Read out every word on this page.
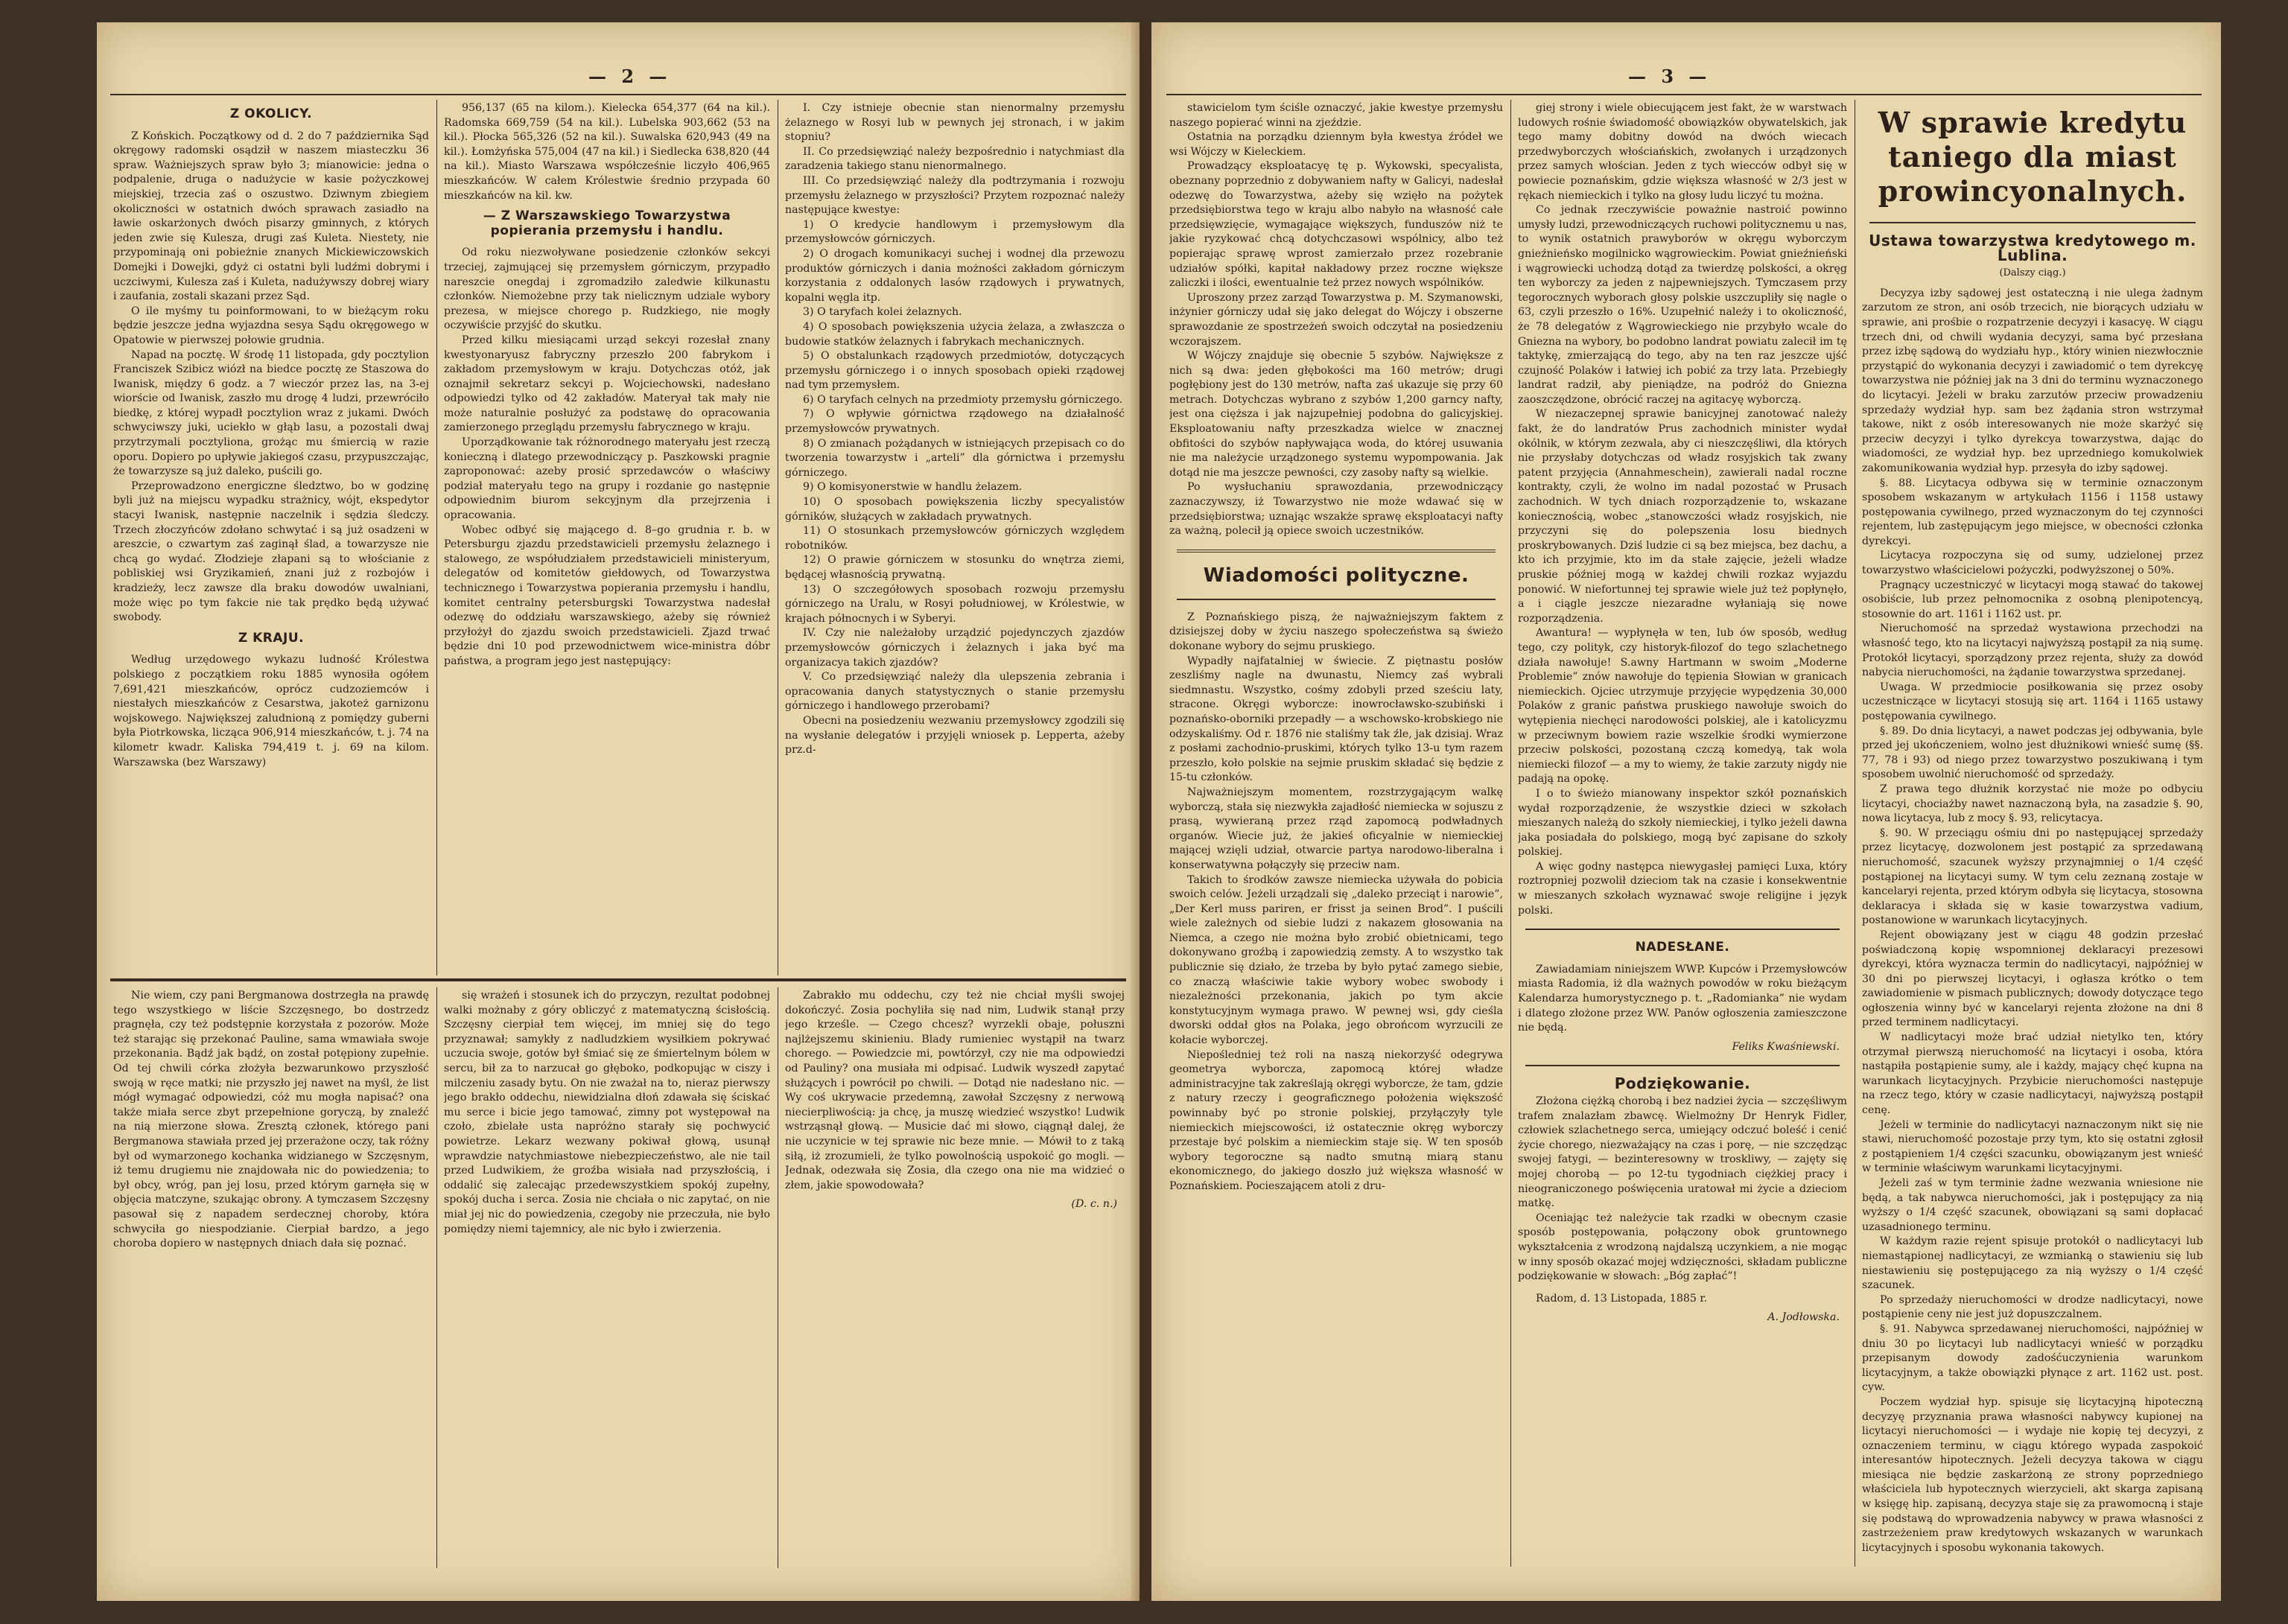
— 2 —
Z OKOLICY.

Z Końskich. Początkowy od d. 2 do 7 października Sąd okręgowy radomski osądził w naszem miasteczku 36 spraw. Ważniejszych spraw było 3; mianowicie: jedna o podpalenie, druga o nadużycie w kasie pożyczkowej miejskiej, trzecia zaś o oszustwo. Dziwnym zbiegiem okoliczności w ostatnich dwóch sprawach zasiadło na ławie oskarżonych dwóch pisarzy gminnych, z których jeden zwie się Kulesza, drugi zaś Kuleta. Niestety, nie przypominają oni pobieżnie znanych Mickiewiczowskich Domejki i Dowejki, gdyż ci ostatni byli ludźmi dobrymi i uczciwymi, Kulesza zaś i Kuleta, nadużywszy dobrej wiary i zaufania, zostali skazani przez Sąd.

O ile myśmy tu poinformowani, to w bieżącym roku będzie jeszcze jedna wyjazdna sesya Sądu okręgowego w Opatowie w pierwszej połowie grudnia.

Napad na pocztę. W środę 11 listopada, gdy pocztylion Franciszek Szibicz wiózł na biedce pocztę ze Staszowa do Iwanisk, między 6 godz. a 7 wieczór przez las, na 3-ej wiorście od Iwanisk, zaszło mu drogę 4 ludzi, przewróciło biedkę, z której wypadł pocztylion wraz z jukami. Dwóch schwyciwszy juki, uciekło w głąb lasu, a pozostali dwaj przytrzymali pocztyliona, grożąc mu śmiercią w razie oporu. Dopiero po upływie jakiegoś czasu, przypuszczając, że towarzysze są już daleko, puścili go.

Przeprowadzono energiczne śledztwo, bo w godzinę byli już na miejscu wypadku strażnicy, wójt, ekspedytor stacyi Iwanisk, następnie naczelnik i sędzia śledczy. Trzech złoczyńców zdołano schwytać i są już osadzeni w areszcie, o czwartym zaś zaginął ślad, a towarzysze nie chcą go wydać. Złodzieje złapani są to włościanie z pobliskiej wsi Gryzikamień, znani już z rozbojów i kradzieży, lecz zawsze dla braku dowodów uwalniani, może więc po tym fakcie nie tak prędko będą używać swobody.

Z KRAJU.

Według urzędowego wykazu ludność Królestwa polskiego z początkiem roku 1885 wynosiła ogółem 7,691,421 mieszkańców, oprócz cudzoziemców i niestałych mieszkańców z Cesarstwa, jakoteż garnizonu wojskowego. Największej zaludnioną z pomiędzy guberni była Piotrkowska, licząca 906,914 mieszkańców, t. j. 74 na kilometr kwadr. Kaliska 794,419 t. j. 69 na kilom. Warszawska (bez Warszawy)

956,137 (65 na kilom.). Kielecka 654,377 (64 na kil.). Radomska 669,759 (54 na kil.). Lubelska 903,662 (53 na kil.). Płocka 565,326 (52 na kil.). Suwalska 620,943 (49 na kil.). Łomżyńska 575,004 (47 na kil.) i Siedlecka 638,820 (44 na kil.). Miasto Warszawa współcześnie liczyło 406,965 mieszkańców. W całem Królestwie średnio przypada 60 mieszkańców na kil. kw.

— Z Warszawskiego Towarzystwa popierania przemysłu i handlu.

Od roku niezwoływane posiedzenie członków sekcyi trzeciej, zajmującej się przemysłem górniczym, przypadło nareszcie onegdaj i zgromadziło zaledwie kilkunastu członków. Niemożebne przy tak nielicznym udziale wybory prezesa, w miejsce chorego p. Rudzkiego, nie mogły oczywiście przyjść do skutku.

Przed kilku miesiącami urząd sekcyi rozesłał znany kwestyonaryusz fabryczny przeszło 200 fabrykom i zakładom przemysłowym w kraju. Dotychczas otóż, jak oznajmił sekretarz sekcyi p. Wojciechowski, nadesłano odpowiedzi tylko od 42 zakładów. Materyał tak mały nie może naturalnie posłużyć za podstawę do opracowania zamierzonego przeglądu przemysłu fabrycznego w kraju.

Uporządkowanie tak różnorodnego materyału jest rzeczą konieczną i dlatego przewodniczący p. Paszkowski pragnie zaproponować: azeby prosić sprzedawców o właściwy podział materyału tego na grupy i rozdanie go następnie odpowiednim biurom sekcyjnym dla przejrzenia i opracowania.

Wobec odbyć się mającego d. 8–go grudnia r. b. w Petersburgu zjazdu przedstawicieli przemysłu żelaznego i stalowego, ze współudziałem przedstawicieli ministeryum, delegatów od komitetów giełdowych, od Towarzystwa technicznego i Towarzystwa popierania przemysłu i handlu, komitet centralny petersburgski Towarzystwa nadesłał odezwę do oddziału warszawskiego, ażeby się również przyłożył do zjazdu swoich przedstawicieli. Zjazd trwać będzie dni 10 pod przewodnictwem wice-ministra dóbr państwa, a program jego jest następujący:

I. Czy istnieje obecnie stan nienormalny przemysłu żelaznego w Rosyi lub w pewnych jej stronach, i w jakim stopniu?

II. Co przedsięwziąć należy bezpośrednio i natychmiast dla zaradzenia takiego stanu nienormalnego.

III. Co przedsięwziąć należy dla podtrzymania i rozwoju przemysłu żelaznego w przyszłości? Przytem rozpoznać należy następujące kwestye:

1) O kredycie handlowym i przemysłowym dla przemysłowców górniczych.

2) O drogach komunikacyi suchej i wodnej dla przewozu produktów górniczych i dania możności zakładom górniczym korzystania z oddalonych lasów rządowych i prywatnych, kopalni węgla itp.

3) O taryfach kolei żelaznych.

4) O sposobach powiększenia użycia żelaza, a zwłaszcza o budowie statków żelaznych i fabrykach mechanicznych.

5) O obstalunkach rządowych przedmiotów, dotyczących przemysłu górniczego i o innych sposobach opieki rządowej nad tym przemysłem.

6) O taryfach celnych na przedmioty przemysłu górniczego.

7) O wpływie górnictwa rządowego na działalność przemysłowców prywatnych.

8) O zmianach pożądanych w istniejących przepisach co do tworzenia towarzystw i „arteli” dla górnictwa i przemysłu górniczego.

9) O komisyonerstwie w handlu żelazem.

10) O sposobach powiększenia liczby specyalistów górników, służących w zakładach prywatnych.

11) O stosunkach przemysłowców górniczych względem robotników.

12) O prawie górniczem w stosunku do wnętrza ziemi, będącej własnością prywatną.

13) O szczegółowych sposobach rozwoju przemysłu górniczego na Uralu, w Rosyi południowej, w Królestwie, w krajach północnych i w Syberyi.

IV. Czy nie należałoby urządzić pojedynczych zjazdów przemysłowców górniczych i żelaznych i jaka być ma organizacya takich zjazdów?

V. Co przedsięwziąć należy dla ulepszenia zebrania i opracowania danych statystycznych o stanie przemysłu górniczego i handlowego przerobami?

Obecni na posiedzeniu wezwaniu przemysłowcy zgodzili się na wysłanie delegatów i przyjęli wniosek p. Lepperta, ażeby prz.d-

Nie wiem, czy pani Bergmanowa dostrzegła na prawdę tego wszystkiego w liście Szczęsnego, bo dostrzedz pragnęła, czy też podstępnie korzystała z pozorów. Może też starając się przekonać Pauline, sama wmawiała swoje przekonania. Bądź jak bądź, on został potępiony zupełnie. Od tej chwili córka złożyła bezwarunkowo przyszłość swoją w ręce matki; nie przyszło jej nawet na myśl, że list mógł wymagać odpowiedzi, cóż mu mogła napisać? ona także miała serce zbyt przepełnione goryczą, by znaleźć na nią mierzone słowa. Zresztą członek, którego pani Bergmanowa stawiała przed jej przerażone oczy, tak różny był od wymarzonego kochanka widzianego w Szczęsnym, iż temu drugiemu nie znajdowała nic do powiedzenia; to był obcy, wróg, pan jej losu, przed którym garnęła się w objęcia matczyne, szukając obrony. A tymczasem Szczęsny pasował się z napadem serdecznej choroby, która schwyciła go niespodzianie. Cierpiał bardzo, a jego choroba dopiero w następnych dniach dała się poznać.

się wrażeń i stosunek ich do przyczyn, rezultat podobnej walki możnaby z góry obliczyć z matematyczną ścisłością. Szczęsny cierpiał tem więcej, im mniej się do tego przyznawał; samykły z nadludzkiem wysiłkiem pokrywać uczucia swoje, gotów był śmiać się ze śmiertelnym bólem w sercu, bił za to narzucał go głęboko, podkopując w ciszy i milczeniu zasady bytu. On nie zważał na to, nieraz pierwszy jego brakło oddechu, niewidzialna dłoń zdawała się ściskać mu serce i bicie jego tamować, zimny pot występował na czoło, zbielałe usta napróżno starały się pochwycić powietrze. Lekarz wezwany pokiwał głową, usunął wprawdzie natychmiastowe niebezpieczeństwo, ale nie tail przed Ludwikiem, że groźba wisiała nad przyszłością, i oddalić się zalecając przedewszystkiem spokój zupełny, spokój ducha i serca. Zosia nie chciała o nic zapytać, on nie miał jej nic do powiedzenia, czegoby nie przeczuła, nie było pomiędzy niemi tajemnicy, ale nic było i zwierzenia.

Zabrakło mu oddechu, czy też nie chciał myśli swojej dokończyć. Zosia pochyliła się nad nim, Ludwik stanął przy jego krześle. — Czego chcesz? wyrzekli obaje, połuszni najlżejszemu skinieniu. Blady rumieniec wystąpił na twarz chorego. — Powiedzcie mi, powtórzył, czy nie ma odpowiedzi od Pauliny? ona musiała mi odpisać. Ludwik wyszedł zapytać służących i powrócił po chwili. — Dotąd nie nadesłano nic. — Wy coś ukrywacie przedemną, zawołał Szczęsny z nerwową niecierpliwością: ja chcę, ja muszę wiedzieć wszystko! Ludwik wstrząsnął głową. — Musicie dać mi słowo, ciągnął dalej, że nie uczynicie w tej sprawie nic beze mnie. — Mówił to z taką siłą, iż zrozumieli, że tylko powolnością uspokoić go mogli. — Jednak, odezwała się Zosia, dla czego ona nie ma widzieć o złem, jakie spowodowała?

(D. c. n.)
— 3 —

stawicielom tym ściśle oznaczyć, jakie kwestye przemysłu naszego popierać winni na zjeździe.

Ostatnia na porządku dziennym była kwestya źródeł we wsi Wójczy w Kieleckiem.

Prowadzący eksploatacyę tę p. Wykowski, specyalista, obeznany poprzednio z dobywaniem nafty w Galicyi, nadesłał odezwę do Towarzystwa, ażeby się wzięło na pożytek przedsiębiorstwa tego w kraju albo nabyło na własność całe przedsięwzięcie, wymagające większych, funduszów niż te jakie ryzykować chcą dotychczasowi wspólnicy, albo też popierając sprawę wprost zamierzało przez rozebranie udziałów spółki, kapitał nakładowy przez roczne większe zaliczki i ilości, ewentualnie też przez nowych wspólników.

Uproszony przez zarząd Towarzystwa p. M. Szymanowski, inżynier górniczy udał się jako delegat do Wójczy i obszerne sprawozdanie ze spostrzeżeń swoich odczytał na posiedzeniu wczorajszem.

W Wójczy znajduje się obecnie 5 szybów. Największe z nich są dwa: jeden głębokości ma 160 metrów; drugi pogłębiony jest do 130 metrów, nafta zaś ukazuje się przy 60 metrach. Dotychczas wybrano z szybów 1,200 garncy nafty, jest ona cięższa i jak najzupełniej podobna do galicyjskiej. Eksploatowaniu nafty przeszkadza wielce w znacznej obfitości do szybów napływająca woda, do której usuwania nie ma należycie urządzonego systemu wypompowania. Jak dotąd nie ma jeszcze pewności, czy zasoby nafty są wielkie.

Po wysłuchaniu sprawozdania, przewodniczący zaznaczywszy, iż Towarzystwo nie może wdawać się w przedsiębiorstwa; uznając wszakże sprawę eksploatacyi nafty za ważną, polecił ją opiece swoich uczestników.

Wiadomości polityczne.

Z Poznańskiego piszą, że najważniejszym faktem z dzisiejszej doby w życiu naszego społeczeństwa są świeżo dokonane wybory do sejmu pruskiego.

Wypadły najfatalniej w świecie. Z piętnastu posłów zeszliśmy nagle na dwunastu, Niemcy zaś wybrali siedmnastu. Wszystko, cośmy zdobyli przed sześciu laty, stracone. Okręgi wyborcze: inowrocławsko-szubiński i poznańsko-oborniki przepadły — a wschowsko-krobskiego nie odzyskaliśmy. Od r. 1876 nie staliśmy tak źle, jak dzisiaj. Wraz z posłami zachodnio-pruskimi, których tylko 13-u tym razem przeszło, koło polskie na sejmie pruskim składać się będzie z 15-tu członków.

Najważniejszym momentem, rozstrzygającym walkę wyborczą, stała się niezwykła zajadłość niemiecka w sojuszu z prasą, wywieraną przez rząd zapomocą podwładnych organów. Wiecie już, że jakieś oficyalnie w niemieckiej mającej wzięli udział, otwarcie partya narodowo-liberalna i konserwatywna połączyły się przeciw nam.

Takich to środków zawsze niemiecka używała do pobicia swoich celów. Jeżeli urządzali się „daleko przeciąt i narowie”, „Der Kerl muss pariren, er frisst ja seinen Brod”. I puścili wiele zależnych od siebie ludzi z nakazem głosowania na Niemca, a czego nie można było zrobić obietnicami, tego dokonywano groźbą i zapowiedzią zemsty. A to wszystko tak publicznie się działo, że trzeba by było pytać zamego siebie, co znaczą właściwie takie wybory wobec swobody i niezależności przekonania, jakich po tym akcie konstytucyjnym wymaga prawo. W pewnej wsi, gdy cieśla dworski oddał głos na Polaka, jego obrońcom wyrzucili ze kołacie wyborczej.

Niepośledniej też roli na naszą niekorzyść odegrywa geometrya wyborcza, zapomocą której władze administracyjne tak zakreślają okręgi wyborcze, że tam, gdzie z natury rzeczy i geograficznego położenia większość powinnaby być po stronie polskiej, przyłączyły tyle niemieckich miejscowości, iż ostatecznie okręg wyborczy przestaje być polskim a niemieckim staje się. W ten sposób wybory tegoroczne są nadto smutną miarą stanu ekonomicznego, do jakiego doszło już większa własność w Poznańskiem. Pocieszającem atoli z dru-

giej strony i wiele obiecującem jest fakt, że w warstwach ludowych rośnie świadomość obowiązków obywatelskich, jak tego mamy dobitny dowód na dwóch wiecach przedwyborczych włościańskich, zwołanych i urządzonych przez samych włościan. Jeden z tych wiecców odbył się w powiecie poznańskim, gdzie większa własność w 2/3 jest w rękach niemieckich i tylko na głosy ludu liczyć tu można.

Co jednak rzeczywiście poważnie nastroić powinno umysły ludzi, przewodniczących ruchowi politycznemu u nas, to wynik ostatnich prawyborów w okręgu wyborczym gnieźnieńsko mogilnicko wągrowieckim. Powiat gnieźnieński i wągrowiecki uchodzą dotąd za twierdzę polskości, a okręg ten wyborczy za jeden z najpewniejszych. Tymczasem przy tegorocznych wyborach głosy polskie uszczupliły się nagle o 63, czyli przeszło o 16%. Uzupełnić należy i to okoliczność, że 78 delegatów z Wągrowieckiego nie przybyło wcale do Gniezna na wybory, bo podobno landrat powiatu zalecił im tę taktykę, zmierzającą do tego, aby na ten raz jeszcze ujść czujność Polaków i łatwiej ich pobić za trzy lata. Przebiegły landrat radził, aby pieniądze, na podróż do Gniezna zaoszczędzone, obrócić raczej na agitacyę wyborczą.

W niezaczepnej sprawie banicyjnej zanotować należy fakt, że do landratów Prus zachodnich minister wydał okólnik, w którym zezwala, aby ci nieszczęśliwi, dla których nie przysłaby dotychczas od władz rosyjskich tak zwany patent przyjęcia (Annahmeschein), zawierali nadal roczne kontrakty, czyli, że wolno im nadal pozostać w Prusach zachodnich. W tych dniach rozporządzenie to, wskazane koniecznością, wobec „stanowczości władz rosyjskich, nie przyczyni się do polepszenia losu biednych proskrybowanych. Dziś ludzie ci są bez miejsca, bez dachu, a kto ich przyjmie, kto im da stałe zajęcie, jeżeli władze pruskie później mogą w każdej chwili rozkaz wyjazdu ponowić. W niefortunnej tej sprawie wiele już też popłynęło, a i ciągle jeszcze niezaradne wyłaniają się nowe rozporządzenia.

Awantura! — wypłynęła w ten, lub ów sposób, według tego, czy polityk, czy historyk-filozof do tego szlachetnego działa nawołuje! S.awny Hartmann w swoim „Moderne Problemie” znów nawołuje do tępienia Słowian w granicach niemieckich. Ojciec utrzymuje przyjęcie wypędzenia 30,000 Polaków z granic państwa pruskiego nawołuje swoich do wytępienia niechęci narodowości polskiej, ale i katolicyzmu w przeciwnym bowiem razie wszelkie środki wymierzone przeciw polskości, pozostaną czczą komedyą, tak wola niemiecki filozof — a my to wiemy, że takie zarzuty nigdy nie padają na opokę.

I o to świeżo mianowany inspektor szkół poznańskich wydał rozporządzenie, że wszystkie dzieci w szkołach mieszanych należą do szkoły niemieckiej, i tylko jeżeli dawna jaka posiadała do polskiego, mogą być zapisane do szkoły polskiej.

A więc godny następca niewygasłej pamięci Luxa, który roztropniej pozwolił dzieciom tak na czasie i konsekwentnie w mieszanych szkołach wyznawać swoje religijne i język polski.

NADESŁANE.

Zawiadamiam niniejszem WWP. Kupców i Przemysłowców miasta Radomia, iż dla ważnych powodów w roku bieżącym Kalendarza humorystycznego p. t. „Radomianka” nie wydam i dlatego złożone przez WW. Panów ogłoszenia zamieszczone nie będą.

Feliks Kwaśniewski.
Podziękowanie.

Złożona ciężką chorobą i bez nadziei życia — szczęśliwym trafem znalazłam zbawcę. Wielmożny Dr Henryk Fidler, człowiek szlachetnego serca, umiejący odczuć boleść i cenić życie chorego, niezważający na czas i porę, — nie szczędząc swojej fatygi, — bezinteresowny w troskliwy, — zajęty się mojej chorobą — po 12-tu tygodniach ciężkiej pracy i nieograniczonego poświęcenia uratował mi życie a dzieciom matkę.

Oceniając też należycie tak rzadki w obecnym czasie sposób postępowania, połączony obok gruntownego wykształcenia z wrodzoną najdalszą uczynkiem, a nie mogąc w inny sposób okazać mojej wdzięczności, składam publiczne podziękowanie w słowach: „Bóg zapłać”!

Radom, d. 13 Listopada, 1885 r.
A. Jodłowska.
W sprawie kredytu taniego dla miast prowincyonalnych.
Ustawa towarzystwa kredytowego m. Lublina.
(Dalszy ciąg.)

Decyzya izby sądowej jest ostateczną i nie ulega żadnym zarzutom ze stron, ani osób trzecich, nie biorących udziału w sprawie, ani prośbie o rozpatrzenie decyzyi i kasacyę. W ciągu trzech dni, od chwili wydania decyzyi, sama być przesłana przez izbę sądową do wydziału hyp., który winien niezwłocznie przystąpić do wykonania decyzyi i zawiadomić o tem dyrekcyę towarzystwa nie później jak na 3 dni do terminu wyznaczonego do licytacyi. Jeżeli w braku zarzutów przeciw prowadzeniu sprzedaży wydział hyp. sam bez żądania stron wstrzymał takowe, nikt z osób interesowanych nie może skarżyć się przeciw decyzyi i tylko dyrekcya towarzystwa, dając do wiadomości, ze wydział hyp. bez uprzedniego komukolwiek zakomunikowania wydział hyp. przesyła do izby sądowej.

§. 88. Licytacya odbywa się w terminie oznaczonym sposobem wskazanym w artykułach 1156 i 1158 ustawy postępowania cywilnego, przed wyznaczonym do tej czynności rejentem, lub zastępującym jego miejsce, w obecności członka dyrekcyi.

Licytacya rozpoczyna się od sumy, udzielonej przez towarzystwo właścicielowi pożyczki, podwyższonej o 50%.

Pragnący uczestniczyć w licytacyi mogą stawać do takowej osobiście, lub przez pełnomocnika z osobną plenipotencyą, stosownie do art. 1161 i 1162 ust. pr.

Nieruchomość na sprzedaż wystawiona przechodzi na własność tego, kto na licytacyi najwyższą postąpił za nią sumę. Protokół licytacyi, sporządzony przez rejenta, służy za dowód nabycia nieruchomości, na żądanie towarzystwa sprzedanej.

Uwaga. W przedmiocie posiłkowania się przez osoby uczestniczące w licytacyi stosują się art. 1164 i 1165 ustawy postępowania cywilnego.

§. 89. Do dnia licytacyi, a nawet podczas jej odbywania, byle przed jej ukończeniem, wolno jest dłużnikowi wnieść sumę (§§. 77, 78 i 93) od niego przez towarzystwo poszukiwaną i tym sposobem uwolnić nieruchomość od sprzedaży.

Z prawa tego dłużnik korzystać nie może po odbyciu licytacyi, chociażby nawet naznaczoną była, na zasadzie §. 90, nowa licytacya, lub z mocy §. 93, relicytacya.

§. 90. W przeciągu ośmiu dni po następującej sprzedaży przez licytacyę, dozwolonem jest postąpić za sprzedawaną nieruchomość, szacunek wyższy przynajmniej o 1/4 część postąpionej na licytacyi sumy. W tym celu zeznaną zostaje w kancelaryi rejenta, przed którym odbyła się licytacya, stosowna deklaracya i składa się w kasie towarzystwa vadium, postanowione w warunkach licytacyjnych.

Rejent obowiązany jest w ciągu 48 godzin przesłać poświadczoną kopię wspomnionej deklaracyi prezesowi dyrekcyi, która wyznacza termin do nadlicytacyi, najpóźniej w 30 dni po pierwszej licytacyi, i ogłasza krótko o tem zawiadomienie w pismach publicznych; dowody dotyczące tego ogłoszenia winny być w kancelaryi rejenta złożone na dni 8 przed terminem nadlicytacyi.

W nadlicytacyi może brać udział nietylko ten, który otrzymał pierwszą nieruchomość na licytacyi i osoba, która nastąpiła postąpienie sumy, ale i każdy, mający chęć kupna na warunkach licytacyjnych. Przybicie nieruchomości następuje na rzecz tego, który w czasie nadlicytacyi, najwyższą postąpił cenę.

Jeżeli w terminie do nadlicytacyi naznaczonym nikt się nie stawi, nieruchomość pozostaje przy tym, kto się ostatni zgłosił z postąpieniem 1/4 części szacunku, obowiązanym jest wnieść w terminie właściwym warunkami licytacyjnymi.

Jeżeli zaś w tym terminie żadne wezwania wniesione nie będą, a tak nabywca nieruchomości, jak i postępujący za nią wyższy o 1/4 część szacunek, obowiązani są sami dopłacać uzasadnionego terminu.

W każdym razie rejent spisuje protokół o nadlicytacyi lub niemastąpionej nadlicytacyi, ze wzmianką o stawieniu się lub niestawieniu się postępującego za nią wyższy o 1/4 część szacunek.

Po sprzedaży nieruchomości w drodze nadlicytacyi, nowe postąpienie ceny nie jest już dopuszczalnem.

§. 91. Nabywca sprzedawanej nieruchomości, najpóźniej w dniu 30 po licytacyi lub nadlicytacyi wnieść w porządku przepisanym dowody zadośćuczynienia warunkom licytacyjnym, a także obowiązki płynące z art. 1162 ust. post. cyw.

Poczem wydział hyp. spisuje się licytacyjną hipoteczną decyzyę przyznania prawa własności nabywcy kupionej na licytacyi nieruchomości — i wydaje nie kopię tej decyzyi, z oznaczeniem terminu, w ciągu którego wypada zaspokoić interesantów hipotecznych. Jeżeli decyzya takowa w ciągu miesiąca nie będzie zaskarżoną ze strony poprzedniego właściciela lub hypotecznych wierzycieli, akt skarga zapisaną w księgę hip. zapisaną, decyzya staje się za prawomocną i staje się podstawą do wprowadzenia nabywcy w prawa własności z zastrzeżeniem praw kredytowych wskazanych w warunkach licytacyjnych i sposobu wykonania takowych.
